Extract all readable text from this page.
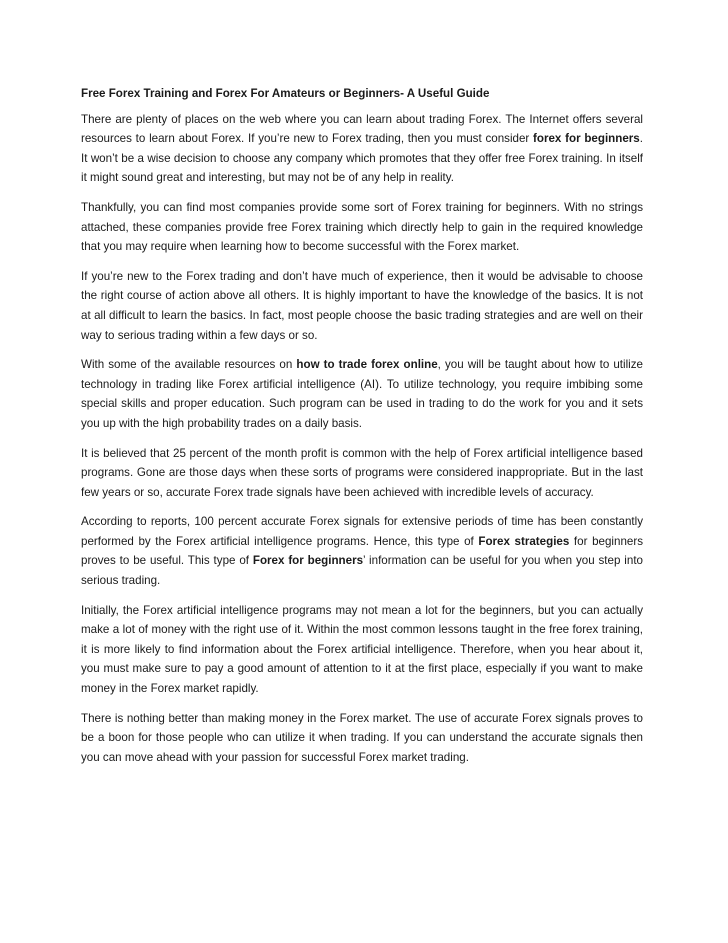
Free Forex Training and Forex For Amateurs or Beginners- A Useful Guide

There are plenty of places on the web where you can learn about trading Forex. The Internet offers several resources to learn about Forex. If you’re new to Forex trading, then you must consider forex for beginners. It won’t be a wise decision to choose any company which promotes that they offer free Forex training. In itself it might sound great and interesting, but may not be of any help in reality.

Thankfully, you can find most companies provide some sort of Forex training for beginners. With no strings attached, these companies provide free Forex training which directly help to gain in the required knowledge that you may require when learning how to become successful with the Forex market.

If you’re new to the Forex trading and don’t have much of experience, then it would be advisable to choose the right course of action above all others. It is highly important to have the knowledge of the basics. It is not at all difficult to learn the basics. In fact, most people choose the basic trading strategies and are well on their way to serious trading within a few days or so.

With some of the available resources on how to trade forex online, you will be taught about how to utilize technology in trading like Forex artificial intelligence (AI). To utilize technology, you require imbibing some special skills and proper education. Such program can be used in trading to do the work for you and it sets you up with the high probability trades on a daily basis.

It is believed that 25 percent of the month profit is common with the help of Forex artificial intelligence based programs. Gone are those days when these sorts of programs were considered inappropriate. But in the last few years or so, accurate Forex trade signals have been achieved with incredible levels of accuracy.

According to reports, 100 percent accurate Forex signals for extensive periods of time has been constantly performed by the Forex artificial intelligence programs. Hence, this type of Forex strategies for beginners proves to be useful. This type of Forex for beginners’ information can be useful for you when you step into serious trading.

Initially, the Forex artificial intelligence programs may not mean a lot for the beginners, but you can actually make a lot of money with the right use of it. Within the most common lessons taught in the free forex training, it is more likely to find information about the Forex artificial intelligence. Therefore, when you hear about it, you must make sure to pay a good amount of attention to it at the first place, especially if you want to make money in the Forex market rapidly.

There is nothing better than making money in the Forex market. The use of accurate Forex signals proves to be a boon for those people who can utilize it when trading. If you can understand the accurate signals then you can move ahead with your passion for successful Forex market trading.
